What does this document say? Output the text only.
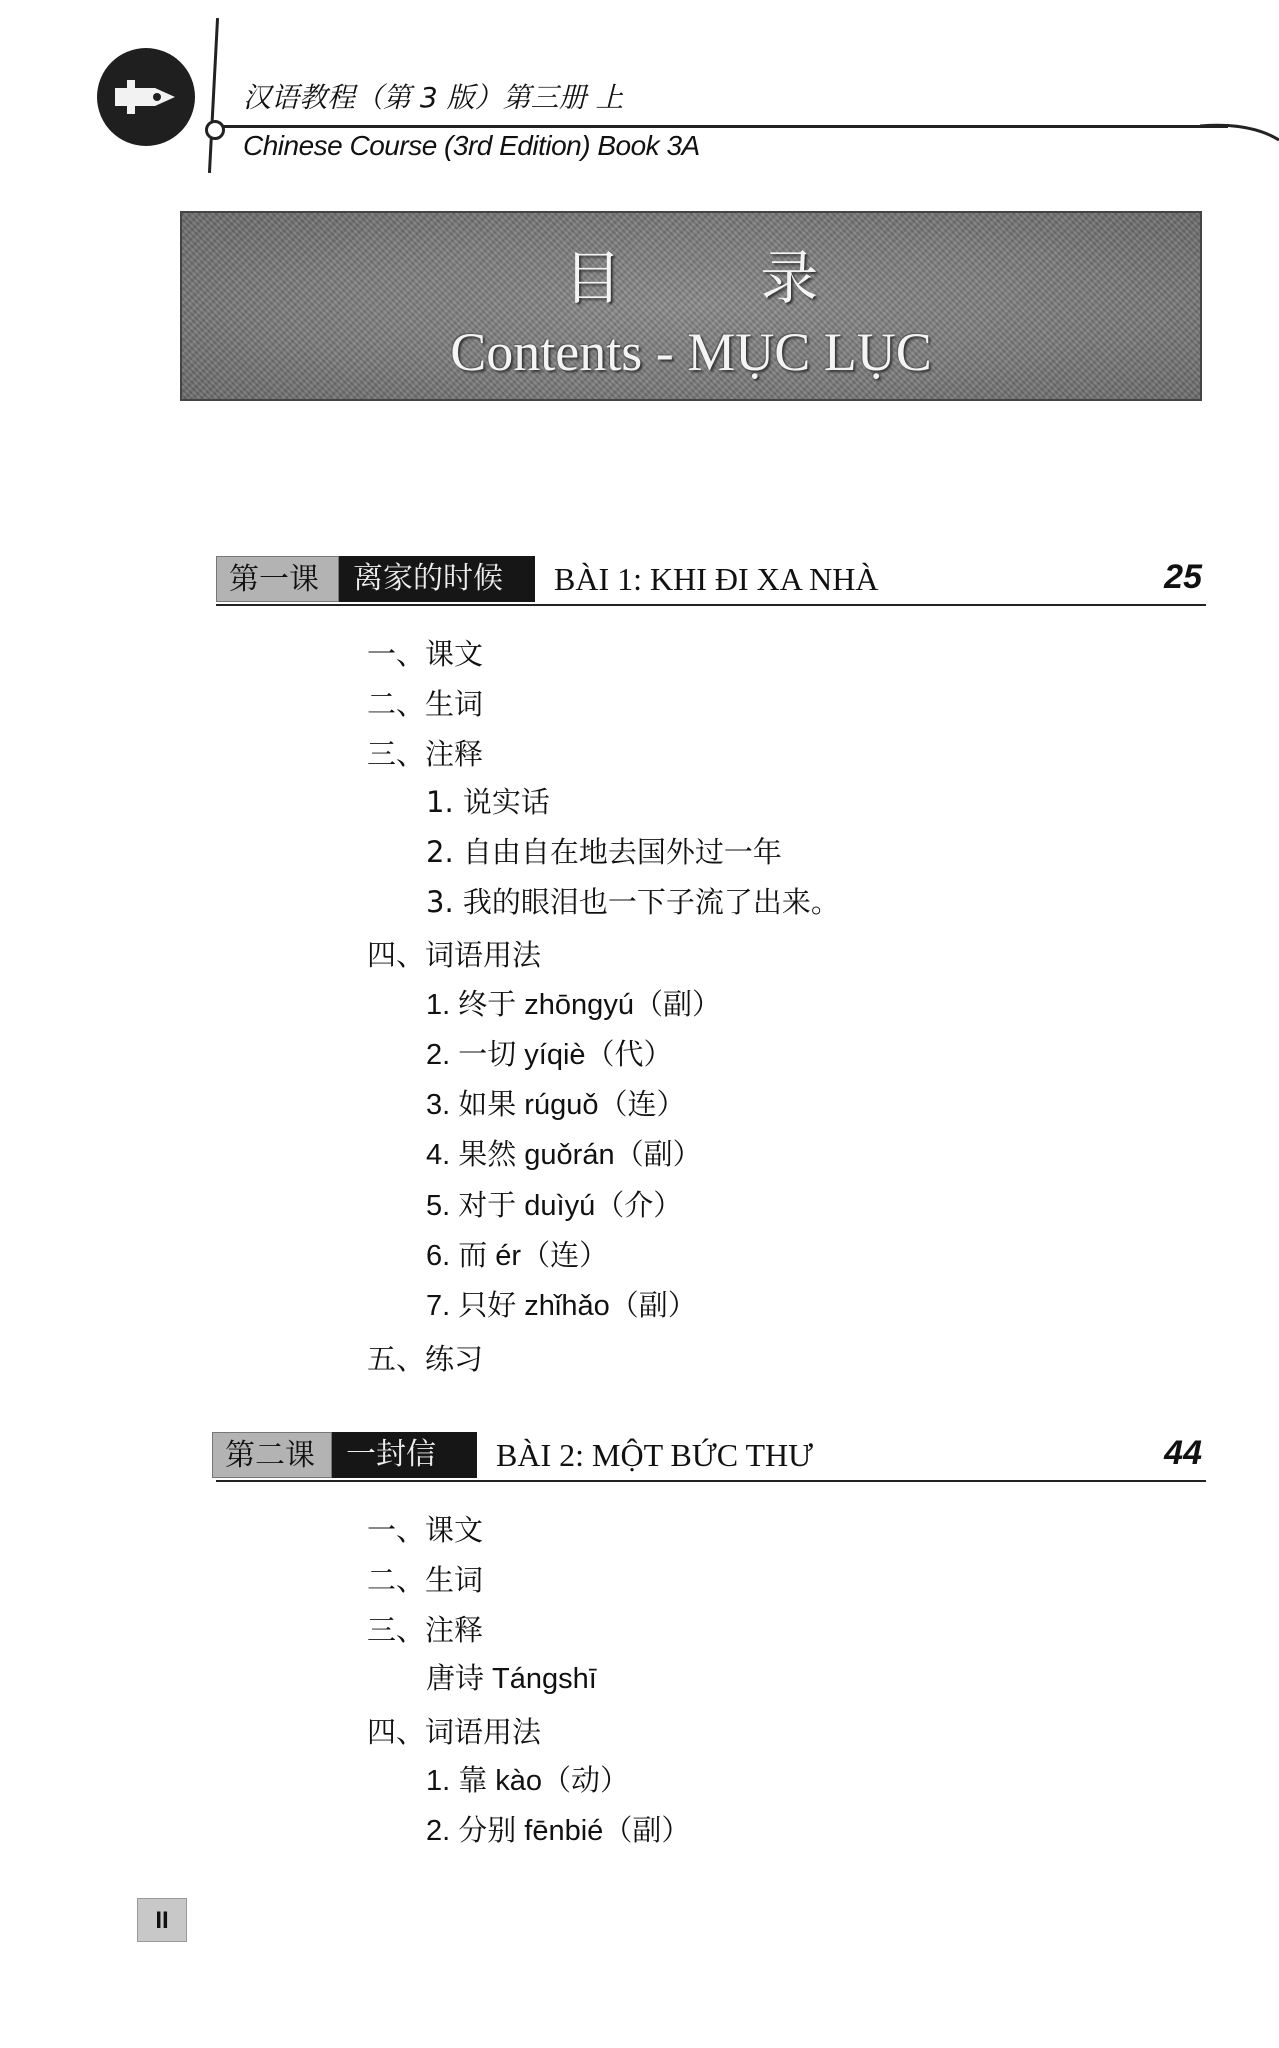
汉语教程（第 3 版）第三册 上
Chinese Course (3rd Edition) Book 3A
目 录
Contents - MỤC LỤC
第一课	离家的时候	BÀI 1: KHI ĐI XA NHÀ	25
一、课文
二、生词
三、注释
1. 说实话
2. 自由自在地去国外过一年
3. 我的眼泪也一下子流了出来。
四、词语用法
1. 终于 zhōngyú（副）
2. 一切 yíqiè（代）
3. 如果 rúguǒ（连）
4. 果然 guǒrán（副）
5. 对于 duìyú（介）
6. 而 ér（连）
7. 只好 zhǐhǎo（副）
五、练习
第二课	一封信	BÀI 2: MỘT BỨC THƯ	44
一、课文
二、生词
三、注释
唐诗 Tángshī
四、词语用法
1. 靠 kào（动）
2. 分别 fēnbié（副）
II
